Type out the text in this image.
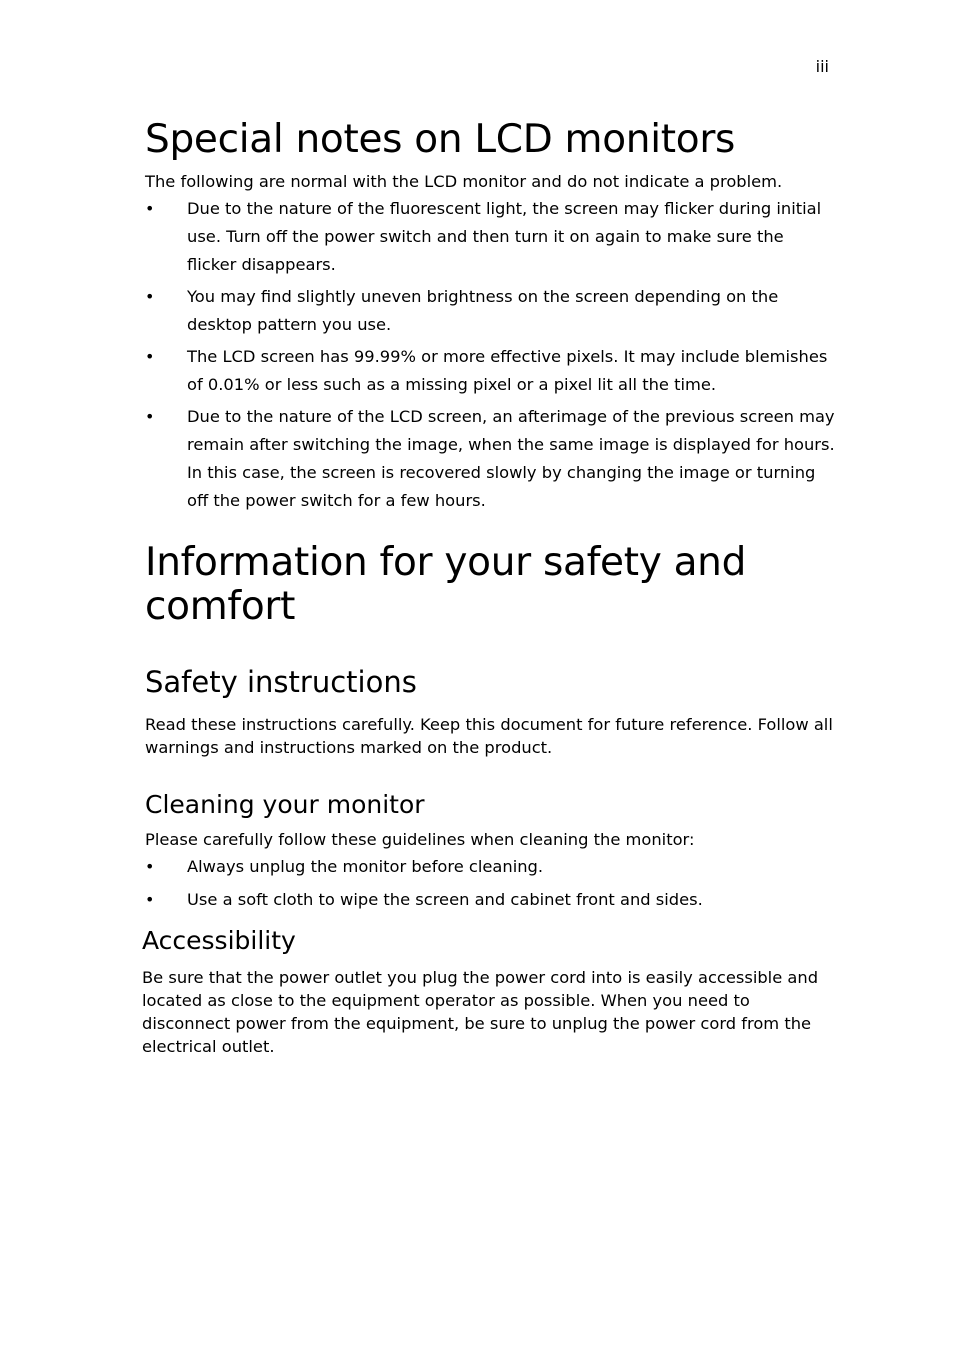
iii
Special notes on LCD monitors

The following are normal with the LCD monitor and do not indicate a problem.

• Due to the nature of the fluorescent light, the screen may flicker during initial use. Turn off the power switch and then turn it on again to make sure the flicker disappears.
• You may find slightly uneven brightness on the screen depending on the desktop pattern you use.
• The LCD screen has 99.99% or more effective pixels. It may include blemishes of 0.01% or less such as a missing pixel or a pixel lit all the time.
• Due to the nature of the LCD screen, an afterimage of the previous screen may remain after switching the image, when the same image is displayed for hours. In this case, the screen is recovered slowly by changing the image or turning off the power switch for a few hours.
Information for your safety and comfort
Safety instructions

Read these instructions carefully. Keep this document for future reference. Follow all warnings and instructions marked on the product.

Cleaning your monitor

Please carefully follow these guidelines when cleaning the monitor:

• Always unplug the monitor before cleaning.
• Use a soft cloth to wipe the screen and cabinet front and sides.
Accessibility

Be sure that the power outlet you plug the power cord into is easily accessible and located as close to the equipment operator as possible. When you need to disconnect power from the equipment, be sure to unplug the power cord from the electrical outlet.
